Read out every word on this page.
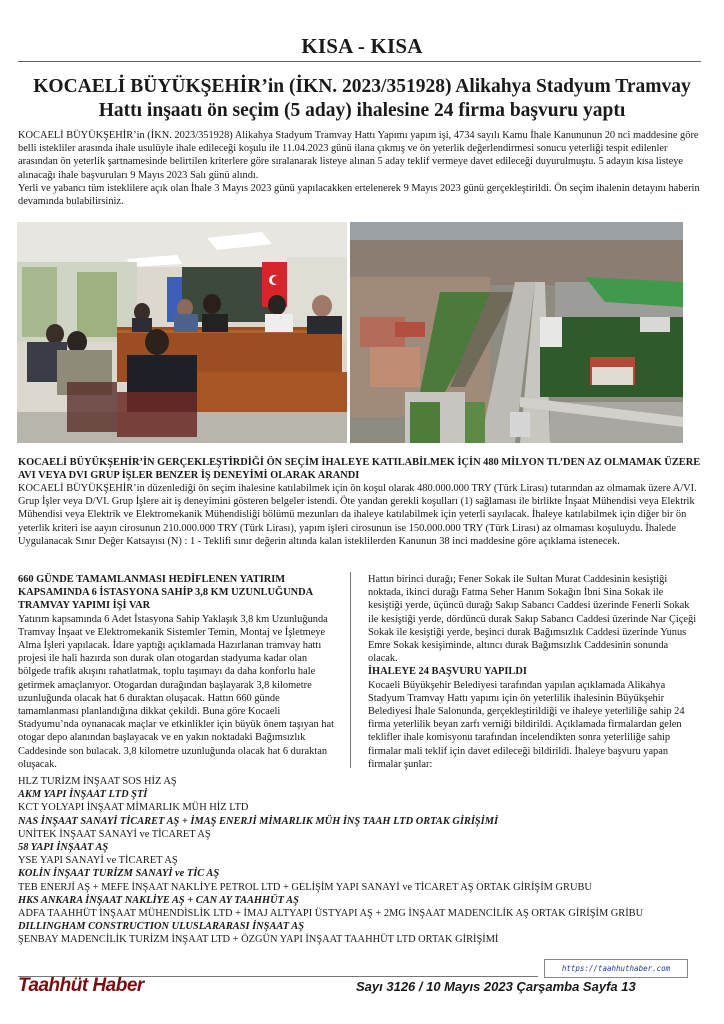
KISA - KISA
KOCAELİ BÜYÜKŞEHİR’in (İKN. 2023/351928) Alikahya Stadyum Tramvay
Hattı inşaatı ön seçim (5 aday) ihalesine 24 firma başvuru yaptı

KOCAELİ BÜYÜKŞEHİR’in (İKN. 2023/351928) Alikahya Stadyum Tramvay Hattı Yapımı yapım işi, 4734 sayılı Kamu İhale Kanununun 20 nci maddesine göre belli istekliler arasında ihale usulüyle ihale edileceği koşulu ile 11.04.2023 günü ilana çıkmış ve ön yeterlik değerlendirmesi sonucu yeterliği tespit edilenler arasından ön yeterlik şartnamesinde belirtilen kriterlere göre sıralanarak listeye alınan 5 aday teklif vermeye davet edileceği duyurulmuştu. 5 adayın kısa listeye alınacağı ihale başvuruları 9 Mayıs 2023 Salı günü alındı.

Yerli ve yabancı tüm isteklilere açık olan İhale 3 Mayıs 2023 günü yapılacakken ertelenerek 9 Mayıs 2023 günü gerçekleştirildi. Ön seçim ihalenin detayını haberin devamında bulabilirsiniz.

KOCAELİ BÜYÜKŞEHİR’İN GERÇEKLEŞTİRDİĞİ ÖN SEÇİM İHALEYE KATILABİLMEK İÇİN 480 MİLYON TL’DEN AZ OLMAMAK ÜZERE AVI VEYA DVI GRUP İŞLER BENZER İŞ DENEYİMİ OLARAK ARANDI

KOCAELİ BÜYÜKŞEHİR’in düzenlediği ön seçim ihalesine katılabilmek için ön koşul olarak 480.000.000 TRY (Türk Lirası) tutarından az olmamak üzere A/VI. Grup İşler veya D/VI. Grup İşlere ait iş deneyimini gösteren belgeler istendi. Öte yandan gerekli koşulları (1) sağlaması ile birlikte İnşaat Mühendisi veya Elektrik Mühendisi veya Elektrik ve Elektromekanik Mühendisliği bölümü mezunları da ihaleye katılabilmek için yeterli sayılacak. İhaleye katılabilmek için diğer bir ön yeterlik kriteri ise aayın cirosunun 210.000.000 TRY (Türk Lirası), yapım işleri cirosunun ise 150.000.000 TRY (Türk Lirası) az olmaması koşuluydu. İhalede Uygulanacak Sınır Değer Katsayısı (N) : 1 - Teklifi sınır değerin altında kalan isteklilerden Kanunun 38 inci maddesine göre açıklama istenecek.

660 GÜNDE TAMAMLANMASI HEDİFLENEN YATIRIM KAPSAMINDA 6 İSTASYONA SAHİP 3,8 KM UZUNLUĞUNDA TRAMVAY YAPIMI İŞİ VAR

Yatırım kapsamında 6 Adet İstasyona Sahip Yaklaşık 3,8 km Uzunluğunda Tramvay İnşaat ve Elektromekanik Sistemler Temin, Montaj ve İşletmeye Alma İşleri yapılacak. İdare yaptığı açıklamada Hazırlanan tramvay hattı projesi ile hali hazırda son durak olan otogardan stadyuma kadar olan bölgede trafik akışını rahatlatmak, toplu taşımayı da daha konforlu hale getirmek amaçlanıyor. Otogardan durağından başlayarak 3,8 kilometre uzunluğunda olacak hat 6 duraktan oluşacak. Hattın 660 günde tamamlanması planlandığına dikkat çekildi. Buna göre Kocaeli Stadyumu’nda oynanacak maçlar ve etkinlikler için büyük önem taşıyan hat otogar depo alanından başlayacak ve en yakın noktadaki Bağımsızlık Caddesinde son bulacak. 3,8 kilometre uzunluğunda olacak hat 6 duraktan oluşacak.

Hattın birinci durağı; Fener Sokak ile Sultan Murat Caddesinin kesiştiği noktada, ikinci durağı Fatma Seher Hanım Sokağın İbni Sina Sokak ile kesiştiği yerde, üçüncü durağı Sakıp Sabancı Caddesi üzerinde Fenerli Sokak ile kesiştiği yerde, dördüncü durak Sakıp Sabancı Caddesi üzerinde Nar Çiçeği Sokak ile kesiştiği yerde, beşinci durak Bağımsızlık Caddesi üzerinde Yunus Emre Sokak kesişiminde, altıncı durak Bağımsızlık Caddesinin sonunda olacak.

İHALEYE 24 BAŞVURU YAPILDI

Kocaeli Büyükşehir Belediyesi tarafından yapılan açıklamada Alikahya Stadyum Tramvay Hattı yapımı için ön yeterlilik ihalesinin Büyükşehir Belediyesi İhale Salonunda, gerçekleştirildiği ve ihaleye yeterliliğe sahip 24 firma yeterlilik beyan zarfı verniği bildirildi. Açıklamada firmalardan gelen teklifler ihale komisyonu tarafından incelendikten sonra yeterliliğe sahip firmalar mali teklif için davet edileceği bildirildi. İhaleye başvuru yapan firmalar şunlar:

HLZ TURİZM İNŞAAT SOS HİZ AŞ
AKM YAPI İNŞAAT LTD ŞTİ
KCT YOLYAPI İNŞAAT MİMARLIK MÜH HİZ LTD
NAS İNŞAAT SANAYİ TİCARET AŞ + İMAŞ ENERJİ MİMARLIK MÜH İNŞ TAAH LTD ORTAK GİRİŞİMİ
UNİTEK İNŞAAT SANAYİ ve TİCARET AŞ
58 YAPI İNŞAAT AŞ
YSE YAPI SANAYİ ve TİCARET AŞ
KOLİN İNŞAAT TURİZM SANAYİ ve TİC AŞ
TEB ENERJİ AŞ + MEFE İNŞAAT NAKLİYE PETROL LTD + GELİŞİM YAPI SANAYİ ve TİCARET AŞ ORTAK GİRİŞİM GRUBU
HKS ANKARA İNŞAAT NAKLİYE AŞ + CAN AY TAAHHÜT AŞ
ADFA TAAHHÜT İNŞAAT MÜHENDİSLİK LTD + İMAJ ALTYAPI ÜSTYAPI AŞ + 2MG İNŞAAT MADENCİLİK AŞ ORTAK GİRİŞİM GRİBU
DILLINGHAM CONSTRUCTION ULUSLARARASI İNŞAAT AŞ
ŞENBAY MADENCİLİK TURİZM İNŞAAT LTD + ÖZGÜN YAPI İNŞAAT TAAHHÜT LTD ORTAK GİRİŞİMİ
https://taahhuthaber.com
Taahhüt Haber	Sayı 3126 / 10 Mayıs 2023 Çarşamba Sayfa 13
